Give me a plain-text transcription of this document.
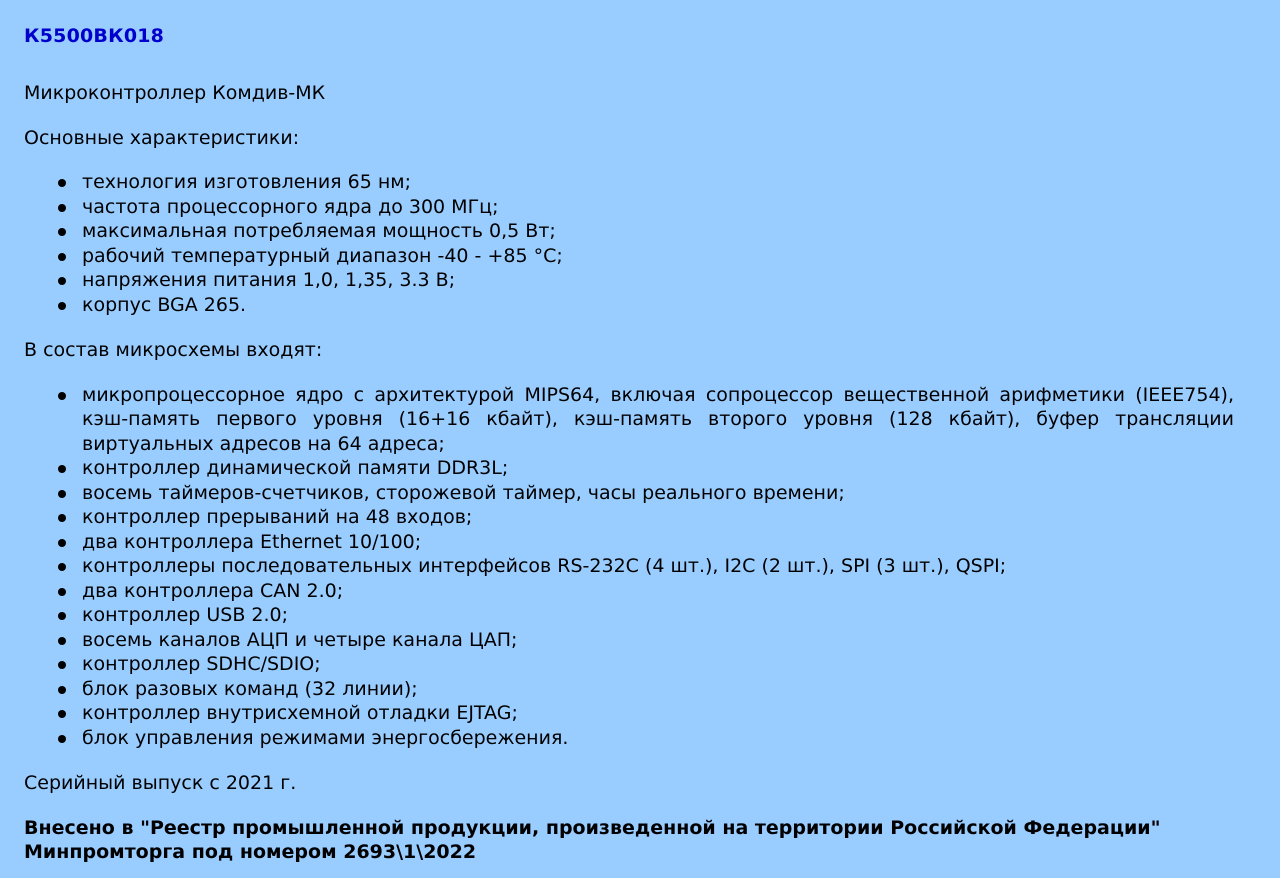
К5500ВК018

Микроконтроллер Комдив-МК

Основные характеристики:

технология изготовления 65 нм;
частота процессорного ядра до 300 МГц;
максимальная потребляемая мощность 0,5 Вт;
рабочий температурный диапазон -40 - +85 °C;
напряжения питания 1,0, 1,35, 3.3 В;
корпус BGA 265.

В состав микросхемы входят:

микропроцессорное ядро с архитектурой MIPS64, включая сопроцессор вещественной арифметики (IEEE754), кэш-память первого уровня (16+16 кбайт), кэш-память второго уровня (128 кбайт), буфер трансляции виртуальных адресов на 64 адреса;
контроллер динамической памяти DDR3L;
восемь таймеров-счетчиков, сторожевой таймер, часы реального времени;
контроллер прерываний на 48 входов;
два контроллера Ethernet 10/100;
контроллеры последовательных интерфейсов RS-232C (4 шт.), I2C (2 шт.), SPI (3 шт.), QSPI;
два контроллера CAN 2.0;
контроллер USB 2.0;
восемь каналов АЦП и четыре канала ЦАП;
контроллер SDHC/SDIO;
блок разовых команд (32 линии);
контроллер внутрисхемной отладки EJTAG;
блок управления режимами энергосбережения.

Серийный выпуск с 2021 г.

Внесено в "Реестр промышленной продукции, произведенной на территории Российской Федерации"
Минпромторга под номером 2693\1\2022
